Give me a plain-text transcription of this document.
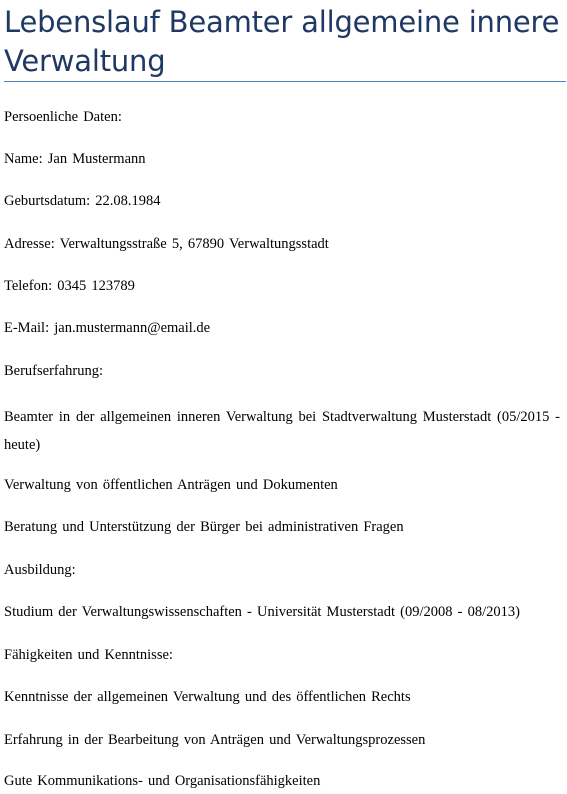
Lebenslauf Beamter allgemeine innere Verwaltung

Persoenliche Daten:

Name: Jan Mustermann

Geburtsdatum: 22.08.1984

Adresse: Verwaltungsstraße 5, 67890 Verwaltungsstadt

Telefon: 0345 123789

E-Mail: jan.mustermann@email.de

Berufserfahrung:

Beamter in der allgemeinen inneren Verwaltung bei Stadtverwaltung Musterstadt (05/2015 - heute)

Verwaltung von öffentlichen Anträgen und Dokumenten

Beratung und Unterstützung der Bürger bei administrativen Fragen

Ausbildung:

Studium der Verwaltungswissenschaften - Universität Musterstadt (09/2008 - 08/2013)

Fähigkeiten und Kenntnisse:

Kenntnisse der allgemeinen Verwaltung und des öffentlichen Rechts

Erfahrung in der Bearbeitung von Anträgen und Verwaltungsprozessen

Gute Kommunikations- und Organisationsfähigkeiten
